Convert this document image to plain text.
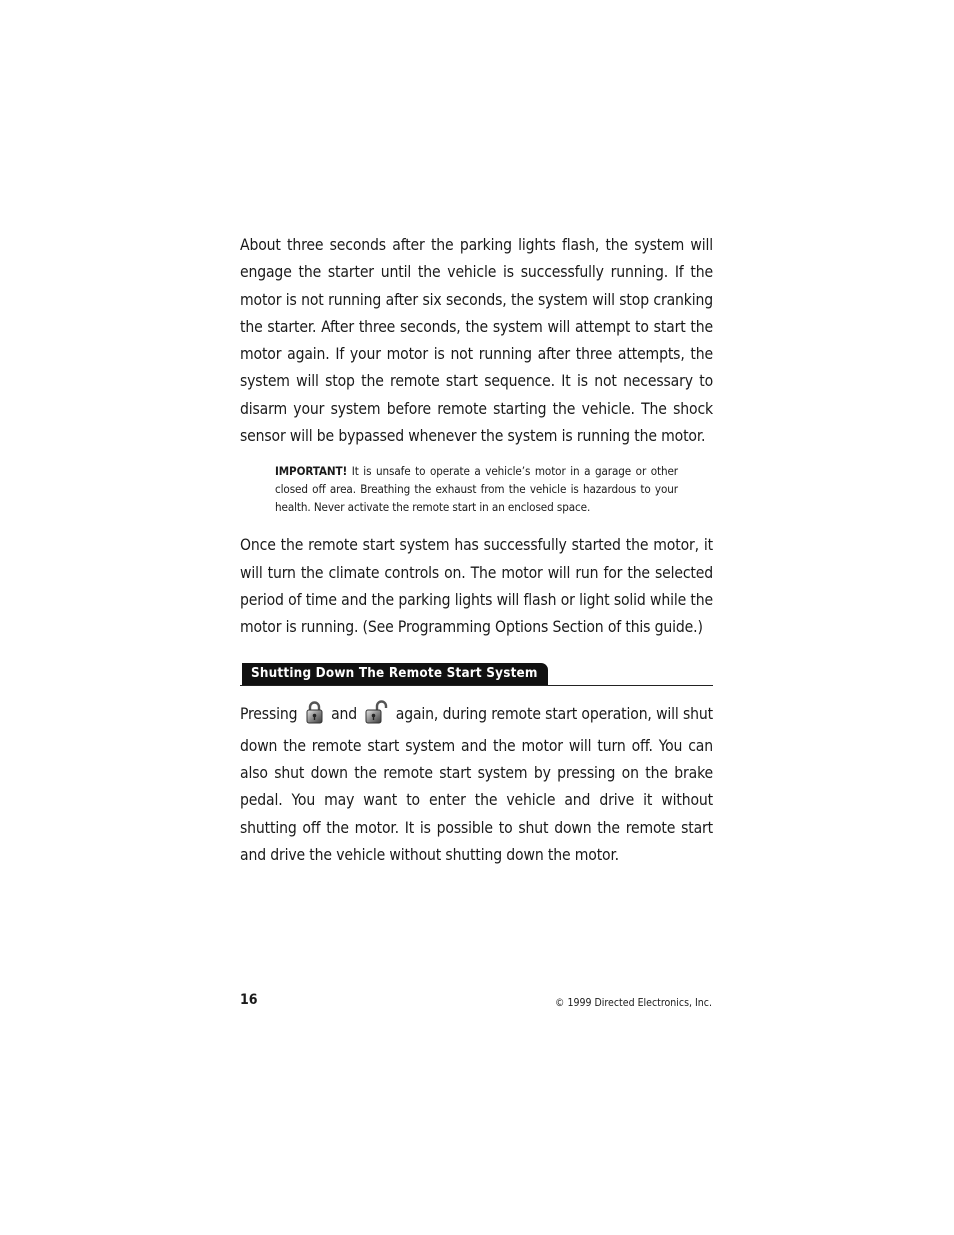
About three seconds after the parking lights flash, the system will engage the starter until the vehicle is successfully running. If the motor is not running after six seconds, the system will stop cranking the starter. After three seconds, the system will attempt to start the motor again. If your motor is not running after three attempts, the system will stop the remote start sequence. It is not necessary to disarm your system before remote starting the vehicle. The shock sensor will be bypassed whenever the system is running the motor.

IMPORTANT! It is unsafe to operate a vehicle’s motor in a garage or other closed off area. Breathing the exhaust from the vehicle is hazardous to your health. Never activate the remote start in an enclosed space.

Once the remote start system has successfully started the motor, it will turn the climate controls on. The motor will run for the selected period of time and the parking lights will flash or light solid while the motor is running. (See Programming Options Section of this guide.)

Shutting Down The Remote Start System

Pressing and again, during remote start operation, will shut down the remote start system and the motor will turn off. You can also shut down the remote start system by pressing on the brake pedal. You may want to enter the vehicle and drive it without shutting off the motor. It is possible to shut down the remote start and drive the vehicle without shutting down the motor.

16	© 1999 Directed Electronics, Inc.
